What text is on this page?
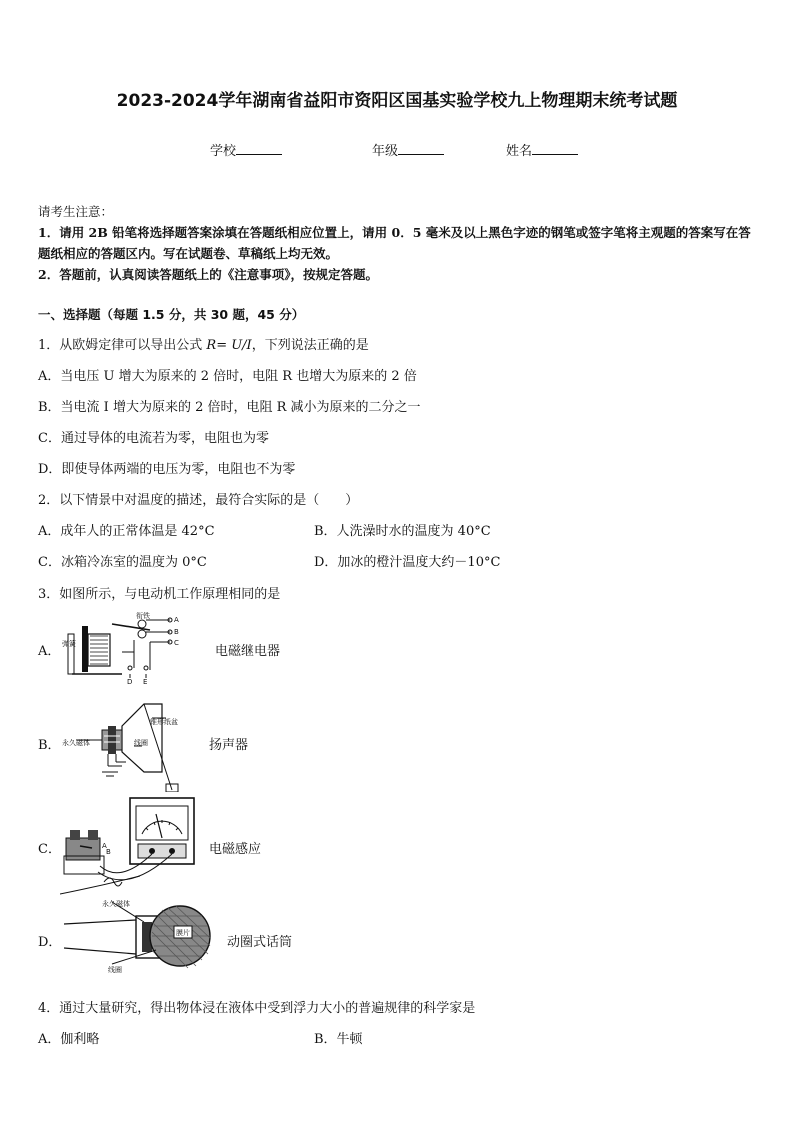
2023-2024学年湖南省益阳市资阳区国基实验学校九上物理期末统考试题
学校	年级	姓名
请考生注意：
1．请用 2B 铅笔将选择题答案涂填在答题纸相应位置上，请用 0．5 毫米及以上黑色字迹的钢笔或签字笔将主观题的答案写在答题纸相应的答题区内。写在试题卷、草稿纸上均无效。
2．答题前，认真阅读答题纸上的《注意事项》，按规定答题。
一、选择题（每题 1.5 分，共 30 题，45 分）
1．从欧姆定律可以导出公式 R= U/I，下列说法正确的是
A．当电压 U 增大为原来的 2 倍时，电阻 R 也增大为原来的 2 倍
B．当电流 I 增大为原来的 2 倍时，电阻 R 减小为原来的二分之一
C．通过导体的电流若为零，电阻也为零
D．即使导体两端的电压为零，电阻也不为零
2．以下情景中对温度的描述，最符合实际的是（　　）
A．成年人的正常体温是 42°C	B．人洗澡时水的温度为 40°C
C．冰箱冷冻室的温度为 0°C	D．加冰的橙汁温度大约－10°C
3．如图所示，与电动机工作原理相同的是
A．
衔铁
弹簧
A
B
C
D E
电磁继电器
B．
锥形纸盆
永久磁体	线圈	扬声器
C．	A
B	电磁感应
D．
永久磁体
膜片
线圈
动圈式话筒
4．通过大量研究，得出物体浸在液体中受到浮力大小的普遍规律的科学家是
A．伽利略	B．牛顿
